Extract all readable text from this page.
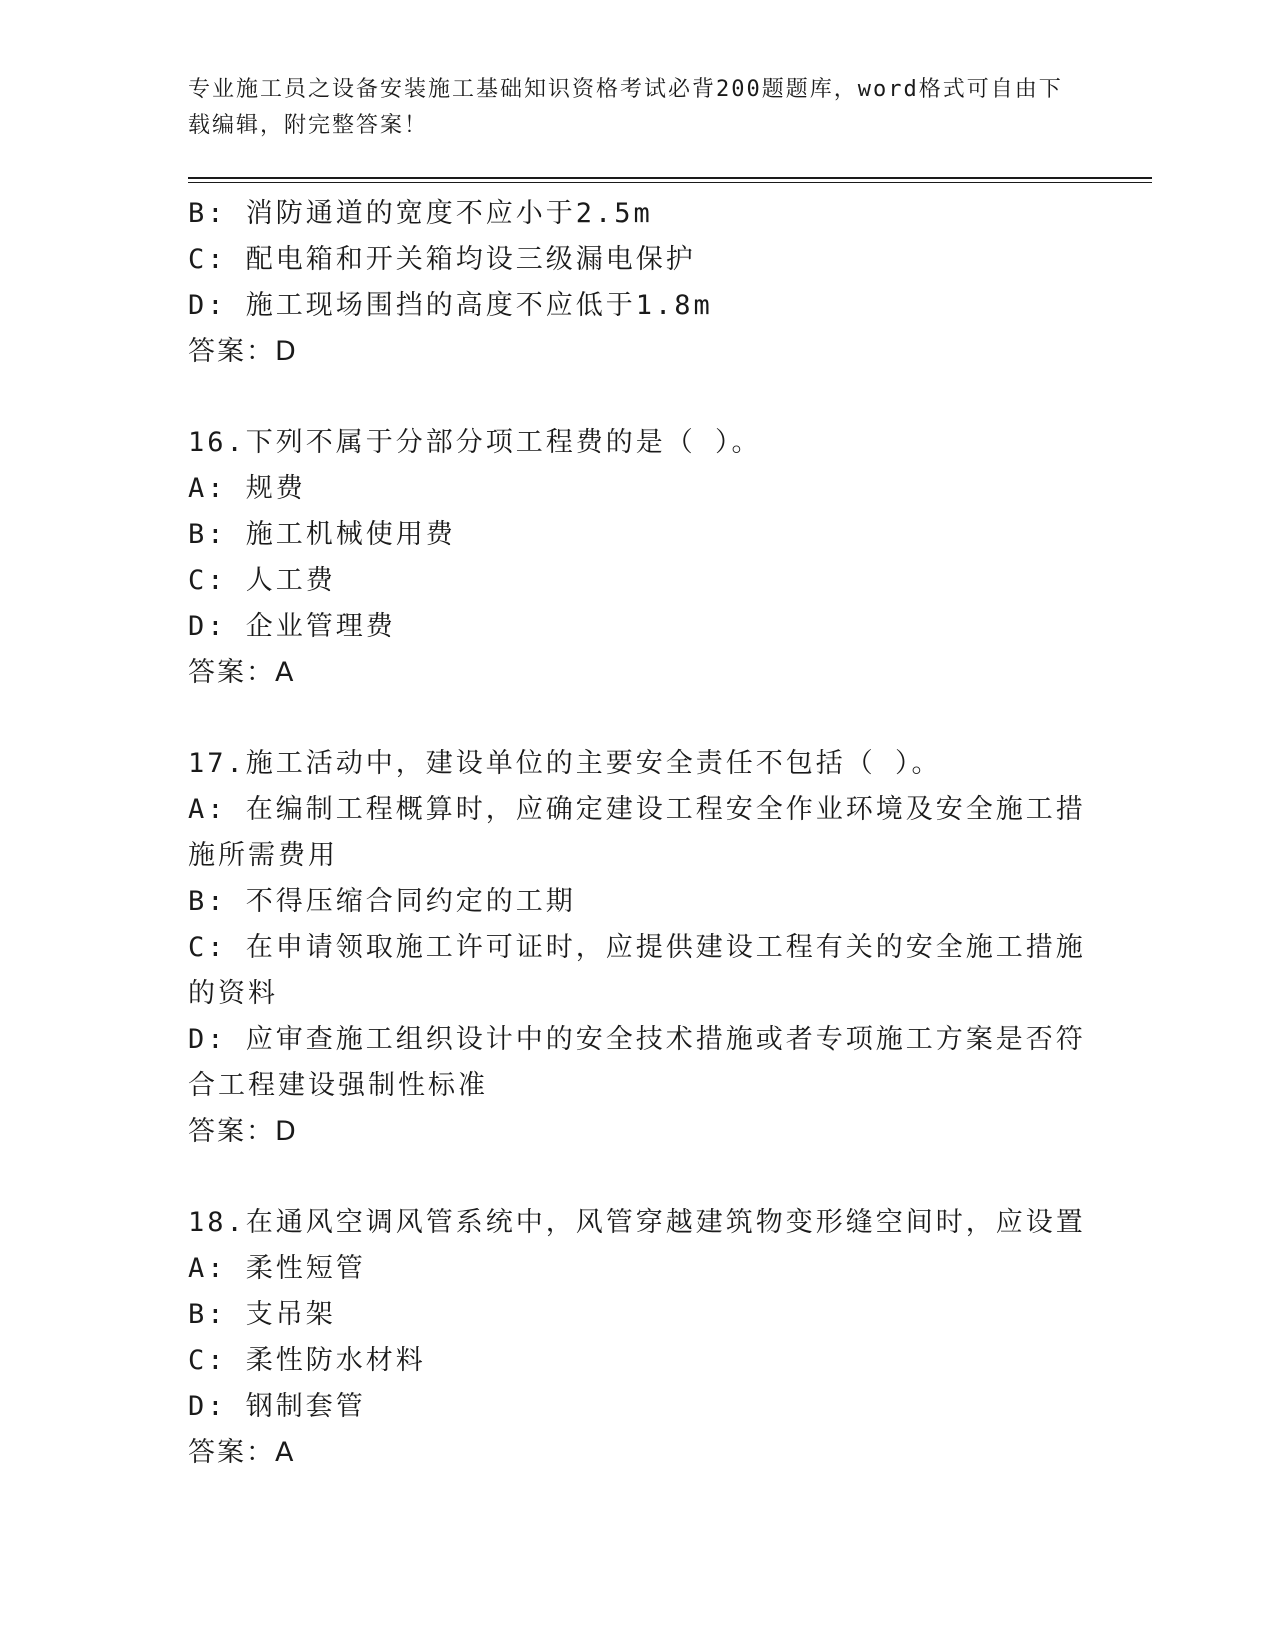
专业施工员之设备安装施工基础知识资格考试必背200题题库，word格式可自由下载编辑，附完整答案！
B: 消防通道的宽度不应小于2.5m
C: 配电箱和开关箱均设三级漏电保护
D: 施工现场围挡的高度不应低于1.8m
答案：D
16.下列不属于分部分项工程费的是（ ）。
A: 规费
B: 施工机械使用费
C: 人工费
D: 企业管理费
答案：A
17.施工活动中，建设单位的主要安全责任不包括（ ）。
A: 在编制工程概算时，应确定建设工程安全作业环境及安全施工措施所需费用
B: 不得压缩合同约定的工期
C: 在申请领取施工许可证时，应提供建设工程有关的安全施工措施的资料
D: 应审查施工组织设计中的安全技术措施或者专项施工方案是否符合工程建设强制性标准
答案：D
18.在通风空调风管系统中，风管穿越建筑物变形缝空间时，应设置
A: 柔性短管
B: 支吊架
C: 柔性防水材料
D: 钢制套管
答案：A
